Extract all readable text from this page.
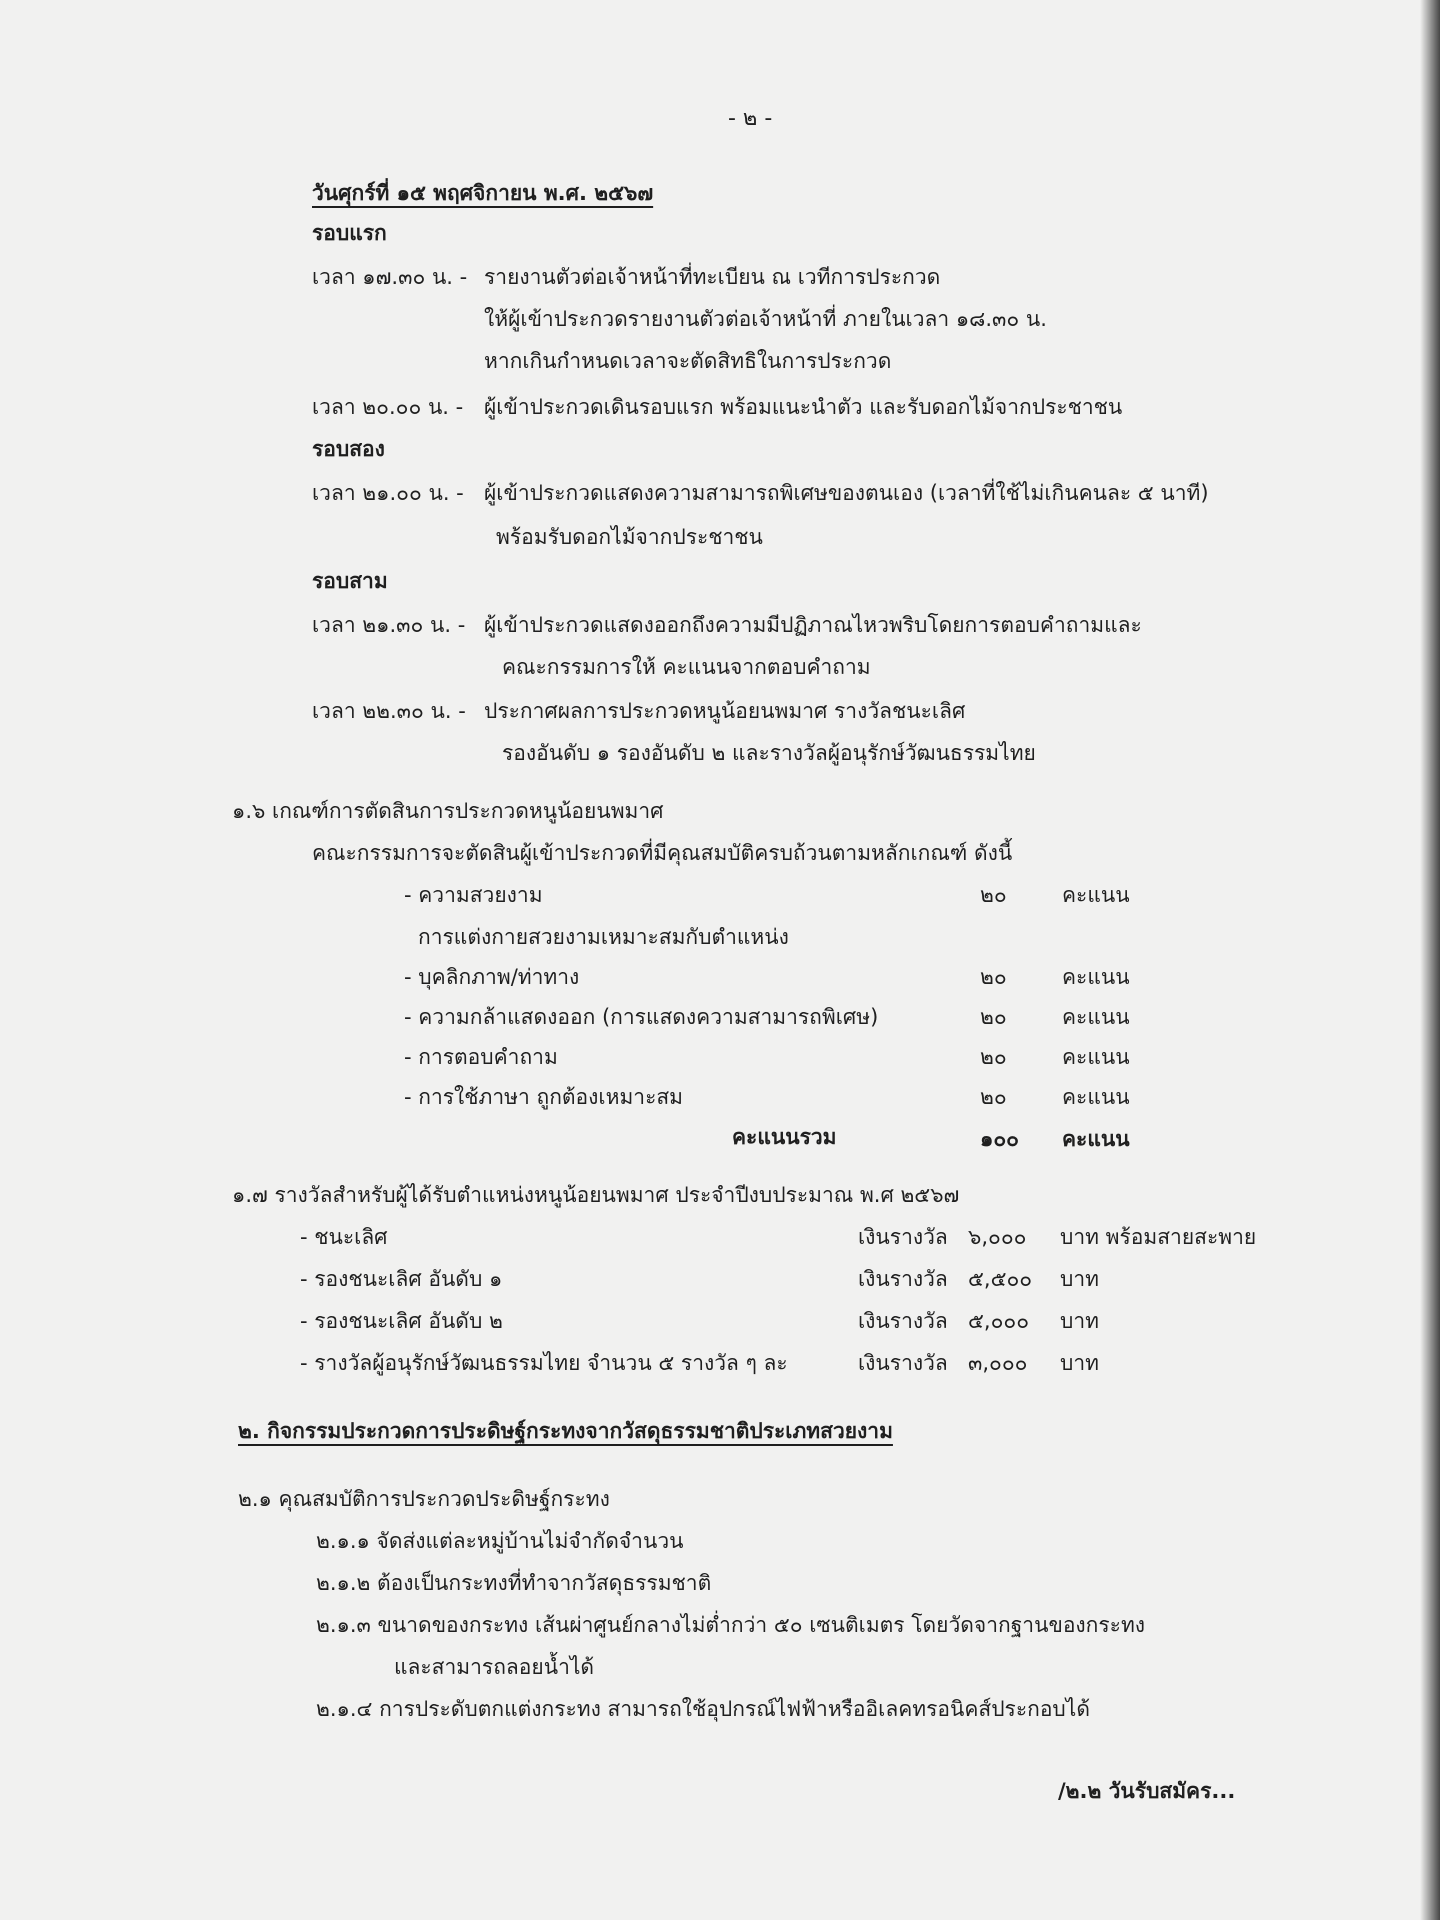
- ๒ -
วันศุกร์ที่ ๑๕ พฤศจิกายน พ.ศ. ๒๕๖๗
รอบแรก
เวลา ๑๗.๓๐ น. - รายงานตัวต่อเจ้าหน้าที่ทะเบียน ณ เวทีการประกวด
ให้ผู้เข้าประกวดรายงานตัวต่อเจ้าหน้าที่ ภายในเวลา ๑๘.๓๐ น.
หากเกินกำหนดเวลาจะตัดสิทธิในการประกวด
เวลา ๒๐.๐๐ น. - ผู้เข้าประกวดเดินรอบแรก พร้อมแนะนำตัว และรับดอกไม้จากประชาชน
รอบสอง
เวลา ๒๑.๐๐ น. - ผู้เข้าประกวดแสดงความสามารถพิเศษของตนเอง (เวลาที่ใช้ไม่เกินคนละ ๕ นาที)
พร้อมรับดอกไม้จากประชาชน
รอบสาม
เวลา ๒๑.๓๐ น. - ผู้เข้าประกวดแสดงออกถึงความมีปฏิภาณไหวพริบโดยการตอบคำถามและ
คณะกรรมการให้ คะแนนจากตอบคำถาม
เวลา ๒๒.๓๐ น. - ประกาศผลการประกวดหนูน้อยนพมาศ รางวัลชนะเลิศ
รองอันดับ ๑ รองอันดับ ๒ และรางวัลผู้อนุรักษ์วัฒนธรรมไทย
๑.๖ เกณฑ์การตัดสินการประกวดหนูน้อยนพมาศ
คณะกรรมการจะตัดสินผู้เข้าประกวดที่มีคุณสมบัติครบถ้วนตามหลักเกณฑ์ ดังนี้
- ความสวยงาม	๒๐	คะแนน
การแต่งกายสวยงามเหมาะสมกับตำแหน่ง
- บุคลิกภาพ/ท่าทาง	๒๐	คะแนน
- ความกล้าแสดงออก (การแสดงความสามารถพิเศษ)	๒๐	คะแนน
- การตอบคำถาม	๒๐	คะแนน
- การใช้ภาษา ถูกต้องเหมาะสม	๒๐	คะแนน
คะแนนรวม	๑๐๐ คะแนน
๑.๗ รางวัลสำหรับผู้ได้รับตำแหน่งหนูน้อยนพมาศ ประจำปีงบประมาณ พ.ศ ๒๕๖๗
- ชนะเลิศ	เงินรางวัล ๖,๐๐๐ บาท พร้อมสายสะพาย
- รองชนะเลิศ อันดับ ๑	เงินรางวัล ๕,๕๐๐ บาท
- รองชนะเลิศ อันดับ ๒	เงินรางวัล ๕,๐๐๐ บาท
- รางวัลผู้อนุรักษ์วัฒนธรรมไทย จำนวน ๕ รางวัล ๆ ละ	เงินรางวัล ๓,๐๐๐ บาท
๒. กิจกรรมประกวดการประดิษฐ์กระทงจากวัสดุธรรมชาติประเภทสวยงาม
๒.๑ คุณสมบัติการประกวดประดิษฐ์กระทง
๒.๑.๑ จัดส่งแต่ละหมู่บ้านไม่จำกัดจำนวน
๒.๑.๒ ต้องเป็นกระทงที่ทำจากวัสดุธรรมชาติ
๒.๑.๓ ขนาดของกระทง เส้นผ่าศูนย์กลางไม่ต่ำกว่า ๕๐ เซนติเมตร โดยวัดจากฐานของกระทง
และสามารถลอยน้ำได้
๒.๑.๔ การประดับตกแต่งกระทง สามารถใช้อุปกรณ์ไฟฟ้าหรืออิเลคทรอนิคส์ประกอบได้
/๒.๒ วันรับสมัคร...
